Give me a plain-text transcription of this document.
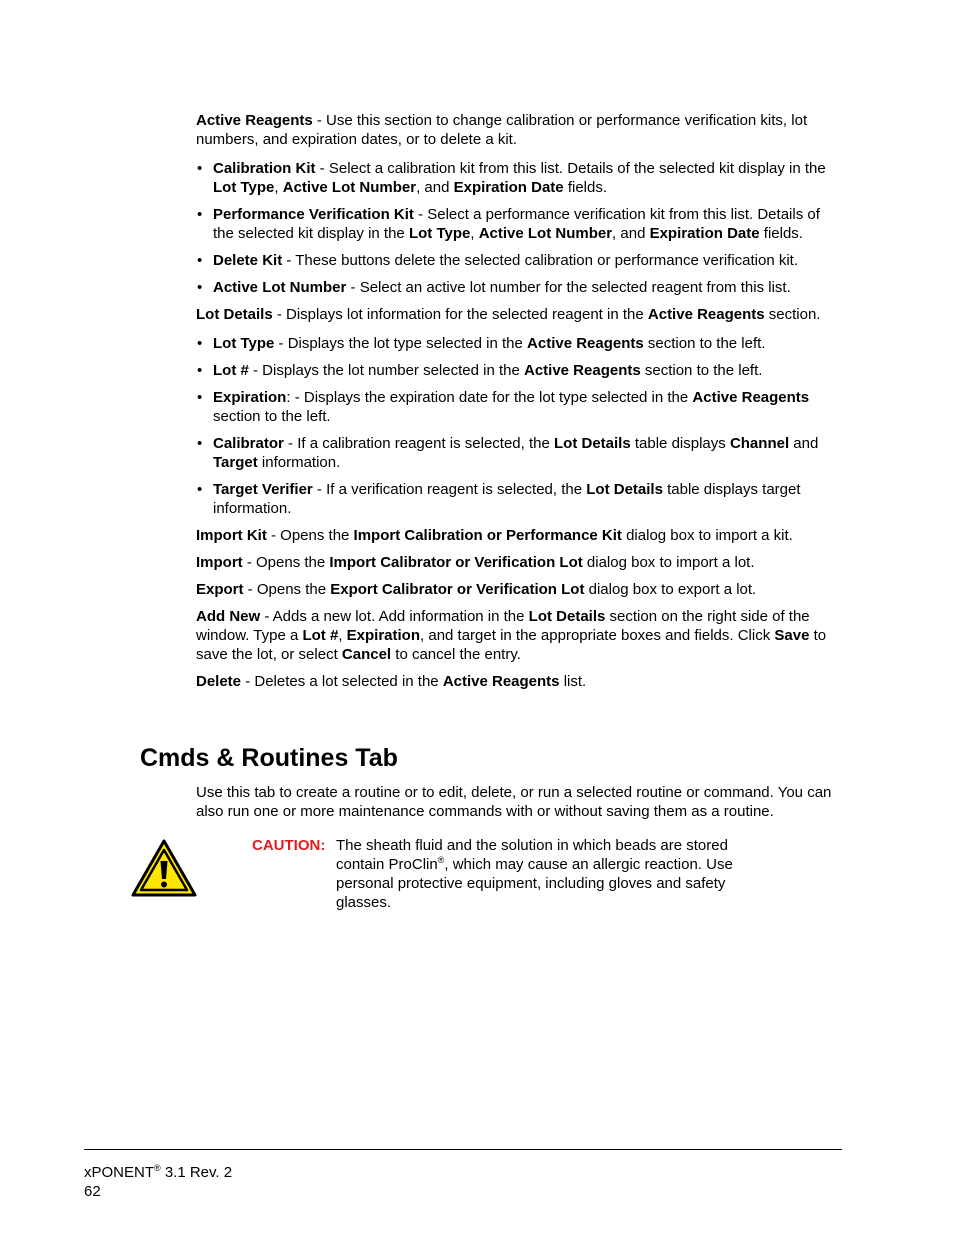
Active Reagents - Use this section to change calibration or performance verification kits, lot numbers, and expiration dates, or to delete a kit.

• Calibration Kit - Select a calibration kit from this list. Details of the selected kit display in the Lot Type, Active Lot Number, and Expiration Date fields.
• Performance Verification Kit - Select a performance verification kit from this list. Details of the selected kit display in the Lot Type, Active Lot Number, and Expiration Date fields.
• Delete Kit - These buttons delete the selected calibration or performance verification kit.
• Active Lot Number - Select an active lot number for the selected reagent from this list.

Lot Details - Displays lot information for the selected reagent in the Active Reagents section.

• Lot Type - Displays the lot type selected in the Active Reagents section to the left.
• Lot # - Displays the lot number selected in the Active Reagents section to the left.
• Expiration: - Displays the expiration date for the lot type selected in the Active Reagents section to the left.
• Calibrator - If a calibration reagent is selected, the Lot Details table displays Channel and Target information.
• Target Verifier - If a verification reagent is selected, the Lot Details table displays target information.

Import Kit - Opens the Import Calibration or Performance Kit dialog box to import a kit.

Import - Opens the Import Calibrator or Verification Lot dialog box to import a lot.

Export - Opens the Export Calibrator or Verification Lot dialog box to export a lot.

Add New - Adds a new lot. Add information in the Lot Details section on the right side of the window. Type a Lot #, Expiration, and target in the appropriate boxes and fields. Click Save to save the lot, or select Cancel to cancel the entry.

Delete - Deletes a lot selected in the Active Reagents list.

Cmds & Routines Tab

Use this tab to create a routine or to edit, delete, or run a selected routine or command. You can also run one or more maintenance commands with or without saving them as a routine.

CAUTION: The sheath fluid and the solution in which beads are stored contain ProClin®, which may cause an allergic reaction. Use personal protective equipment, including gloves and safety glasses.
xPONENT® 3.1 Rev. 2
62
